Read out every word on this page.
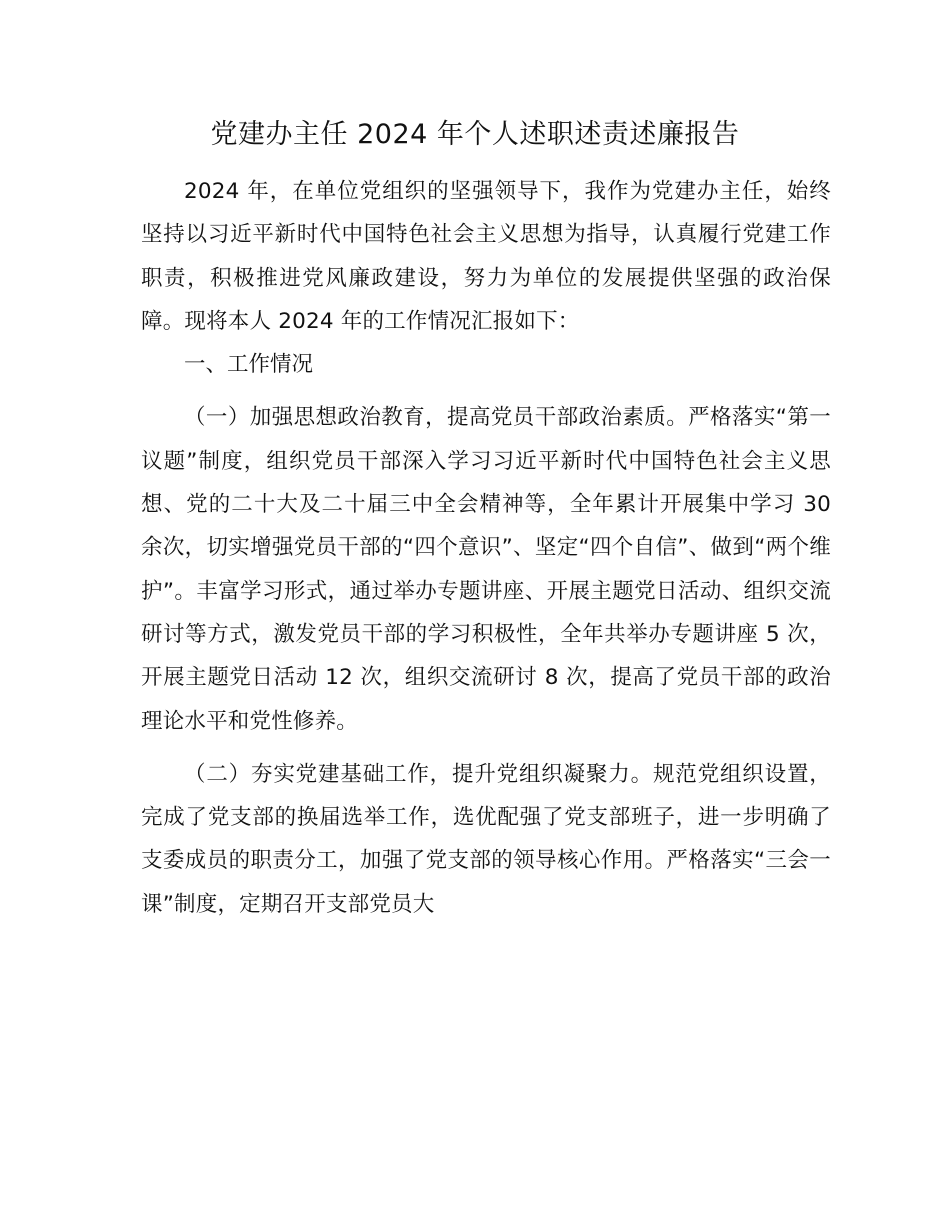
党建办主任 2024 年个人述职述责述廉报告

2024 年，在单位党组织的坚强领导下，我作为党建办主任，始终坚持以习近平新时代中国特色社会主义思想为指导，认真履行党建工作职责，积极推进党风廉政建设，努力为单位的发展提供坚强的政治保障。现将本人 2024 年的工作情况汇报如下：

一、工作情况

（一）加强思想政治教育，提高党员干部政治素质。严格落实“第一议题”制度，组织党员干部深入学习习近平新时代中国特色社会主义思想、党的二十大及二十届三中全会精神等，全年累计开展集中学习 30 余次，切实增强党员干部的“四个意识”、坚定“四个自信”、做到“两个维护”。丰富学习形式，通过举办专题讲座、开展主题党日活动、组织交流研讨等方式，激发党员干部的学习积极性，全年共举办专题讲座 5 次，开展主题党日活动 12 次，组织交流研讨 8 次，提高了党员干部的政治理论水平和党性修养。

（二）夯实党建基础工作，提升党组织凝聚力。规范党组织设置，完成了党支部的换届选举工作，选优配强了党支部班子，进一步明确了支委成员的职责分工，加强了党支部的领导核心作用。严格落实“三会一课”制度，定期召开支部党员大
